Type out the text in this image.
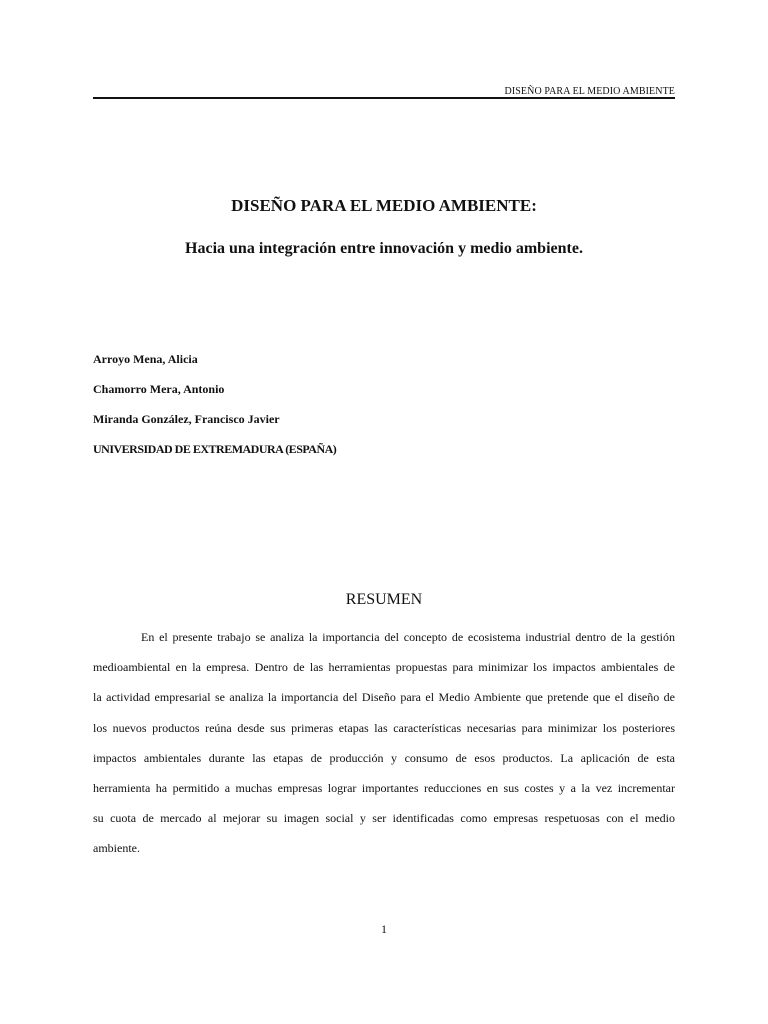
DISEÑO PARA EL MEDIO AMBIENTE
DISEÑO PARA EL MEDIO AMBIENTE:
Hacia una integración entre innovación y medio ambiente.
Arroyo Mena, Alicia
Chamorro Mera, Antonio
Miranda González, Francisco Javier
UNIVERSIDAD DE EXTREMADURA (ESPAÑA)
RESUMEN
En el presente trabajo se analiza la importancia del concepto de ecosistema industrial dentro de la gestión
medioambiental en la empresa. Dentro de las herramientas propuestas para minimizar los impactos ambientales de
la actividad empresarial se analiza la importancia del Diseño para el Medio Ambiente que pretende que el diseño de
los nuevos productos reúna desde sus primeras etapas las características necesarias para minimizar los posteriores
impactos ambientales durante las etapas de producción y consumo de esos productos. La aplicación de esta
herramienta ha permitido a muchas empresas lograr importantes reducciones en sus costes y a la vez incrementar
su cuota de mercado al mejorar su imagen social y ser identificadas como empresas respetuosas con el medio
ambiente.
1
